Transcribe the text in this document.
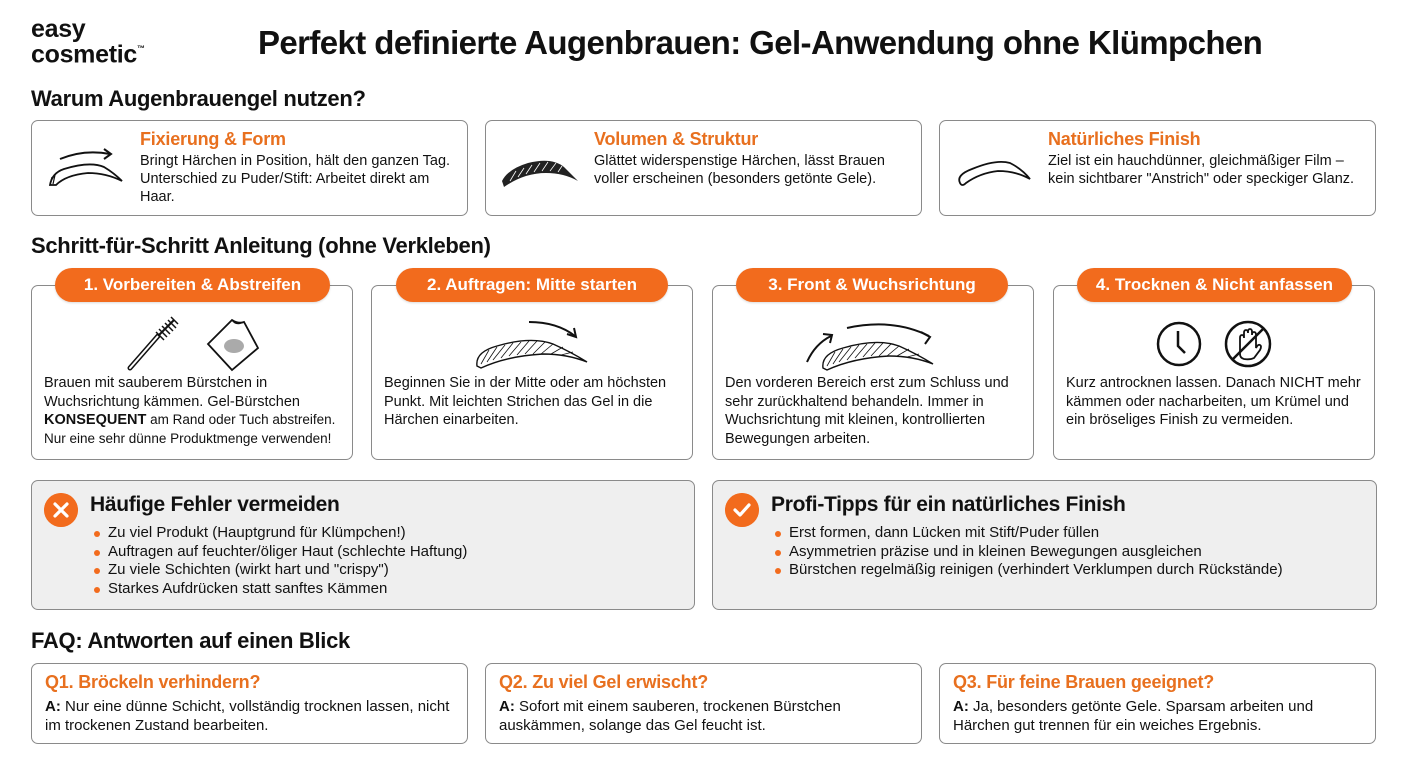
easy
cosmetic™	Perfekt definierte Augenbrauen: Gel-Anwendung ohne Klümpchen
Warum Augenbrauengel nutzen?
Fixierung & Form
Bringt Härchen in Position, hält den ganzen Tag. Unterschied zu Puder/Stift: Arbeitet direkt am Haar.
Volumen & Struktur
Glättet widerspenstige Härchen, lässt Brauen voller erscheinen (besonders getönte Gele).
Natürliches Finish
Ziel ist ein hauchdünner, gleichmäßiger Film – kein sichtbarer "Anstrich" oder speckiger Glanz.
Schritt-für-Schritt Anleitung (ohne Verkleben)
Brauen mit sauberem Bürstchen in Wuchsrichtung kämmen. Gel-Bürstchen KONSEQUENT am Rand oder Tuch abstreifen.
Nur eine sehr dünne Produktmenge verwenden!
1. Vorbereiten & Abstreifen
Beginnen Sie in der Mitte oder am höchsten Punkt. Mit leichten Strichen das Gel in die Härchen einarbeiten.
2. Auftragen: Mitte starten
Den vorderen Bereich erst zum Schluss und sehr zurückhaltend behandeln. Immer in Wuchsrichtung mit kleinen, kontrollierten Bewegungen arbeiten.
3. Front & Wuchsrichtung
Kurz antrocknen lassen. Danach NICHT mehr kämmen oder nacharbeiten, um Krümel und ein bröseliges Finish zu vermeiden.
4. Trocknen & Nicht anfassen
Häufige Fehler vermeiden
Zu viel Produkt (Hauptgrund für Klümpchen!)
Auftragen auf feuchter/öliger Haut (schlechte Haftung)
Zu viele Schichten (wirkt hart und "crispy")
Starkes Aufdrücken statt sanftes Kämmen
Profi-Tipps für ein natürliches Finish
Erst formen, dann Lücken mit Stift/Puder füllen
Asymmetrien präzise und in kleinen Bewegungen ausgleichen
Bürstchen regelmäßig reinigen (verhindert Verklumpen durch Rückstände)
FAQ: Antworten auf einen Blick
Q1. Bröckeln verhindern?
A: Nur eine dünne Schicht, vollständig trocknen lassen, nicht im trockenen Zustand bearbeiten.
Q2. Zu viel Gel erwischt?
A: Sofort mit einem sauberen, trockenen Bürstchen auskämmen, solange das Gel feucht ist.
Q3. Für feine Brauen geeignet?
A: Ja, besonders getönte Gele. Sparsam arbeiten und Härchen gut trennen für ein weiches Ergebnis.
